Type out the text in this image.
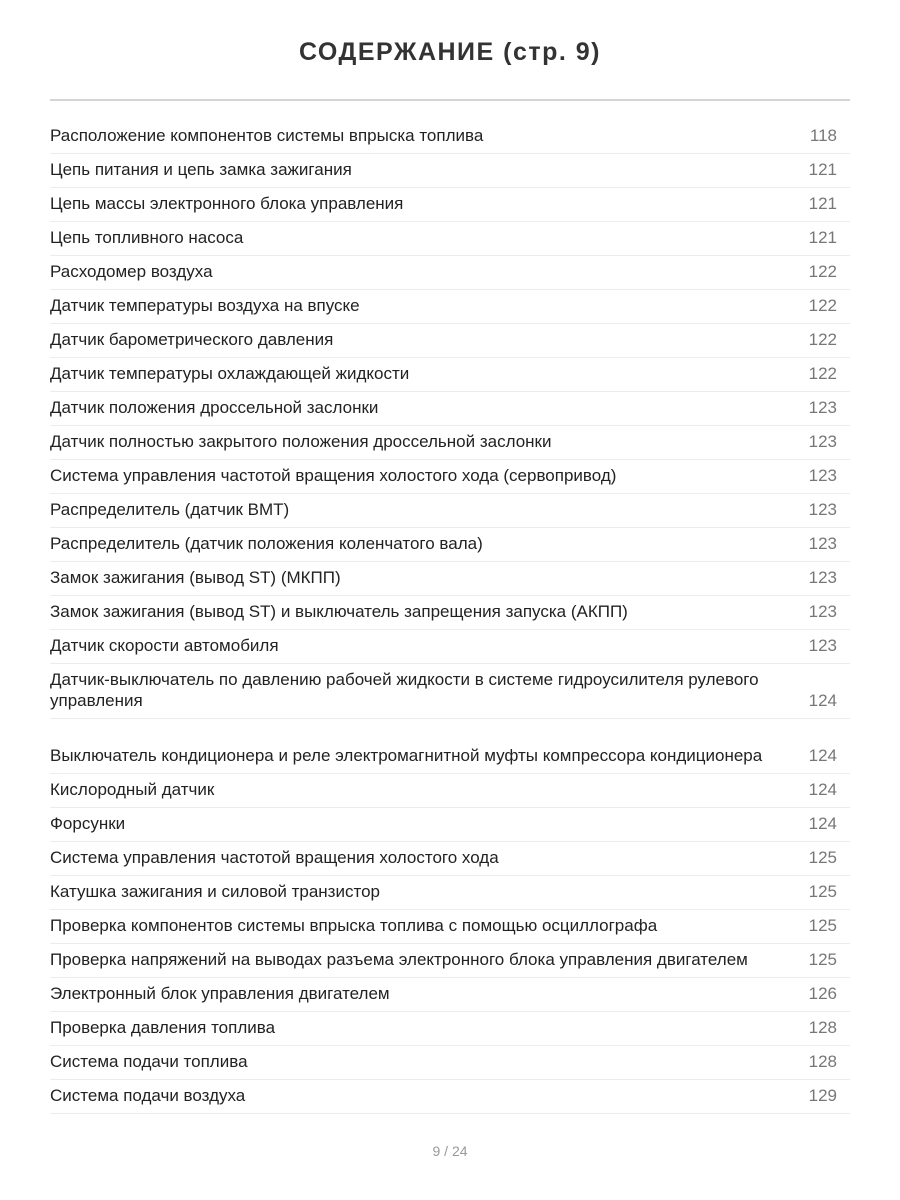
СОДЕРЖАНИЕ (стр. 9)
Расположение компонентов системы впрыска топлива	118
Цепь питания и цепь замка зажигания	121
Цепь массы электронного блока управления	121
Цепь топливного насоса	121
Расходомер воздуха	122
Датчик температуры воздуха на впуске	122
Датчик барометрического давления	122
Датчик температуры охлаждающей жидкости	122
Датчик положения дроссельной заслонки	123
Датчик полностью закрытого положения дроссельной заслонки	123
Система управления частотой вращения холостого хода (сервопривод)	123
Распределитель (датчик ВМТ)	123
Распределитель (датчик положения коленчатого вала)	123
Замок зажигания (вывод ST) (МКПП)	123
Замок зажигания (вывод ST) и выключатель запрещения запуска (АКПП)	123
Датчик скорости автомобиля	123
Датчик-выключатель по давлению рабочей жидкости в системе гидроусилителя рулевого управления	124
Выключатель кондиционера и реле электромагнитной муфты компрессора кондиционера	124
Кислородный датчик	124
Форсунки	124
Система управления частотой вращения холостого хода	125
Катушка зажигания и силовой транзистор	125
Проверка компонентов системы впрыска топлива с помощью осциллографа	125
Проверка напряжений на выводах разъема электронного блока управления двигателем	125
Электронный блок управления двигателем	126
Проверка давления топлива	128
Система подачи топлива	128
Система подачи воздуха	129
9 / 24
